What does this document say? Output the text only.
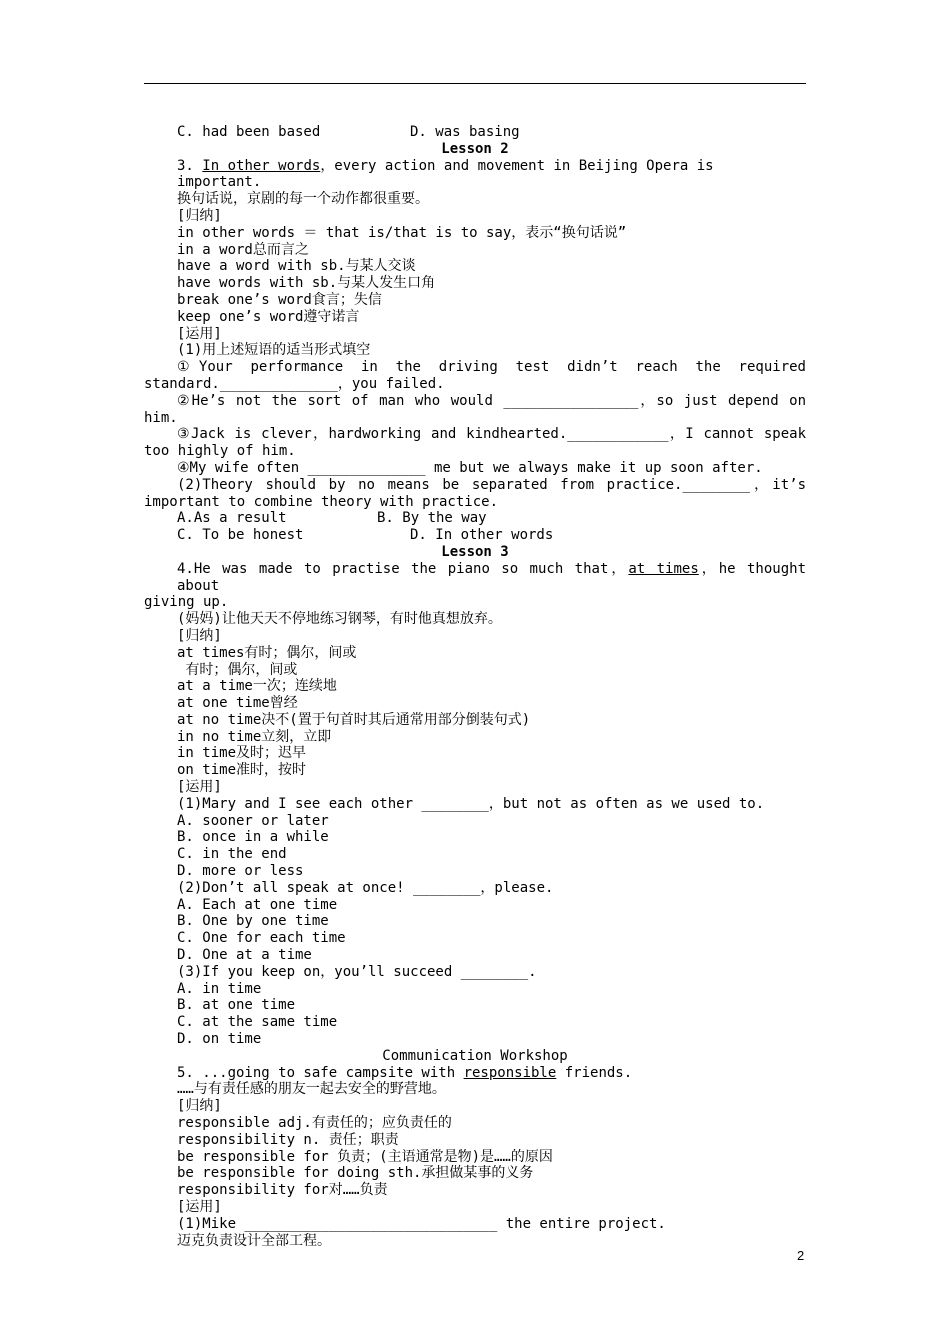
C. had been based	D. was basing
Lesson 2
3. In other words，every action and movement in Beijing Opera is important.
换句话说，京剧的每一个动作都很重要。
[归纳]
in other words ＝ that is/that is to say，表示“换句话说”
in a word总而言之
have a word with sb.与某人交谈
have words with sb.与某人发生口角
break one’s word食言；失信
keep one’s word遵守诺言
[运用]
(1)用上述短语的适当形式填空
①Your performance in the driving test didn’t reach the required
standard.______________，you failed.
②He’s not the sort of man who would ________________，so just depend on
him.
③Jack is clever，hardworking and kindhearted.____________，I cannot speak
too highly of him.
④My wife often ______________ me but we always make it up soon after.
(2)Theory should by no means be separated from practice.________，it’s
important to combine theory with practice.
A.As a result	B. By the way
C. To be honest	D. In other words
Lesson 3
4.He was made to practise the piano so much that，at times，he thought about
giving up.
(妈妈)让他天天不停地练习钢琴，有时他真想放弃。
[归纳]
at times有时；偶尔，间或
有时；偶尔，间或
at a time一次；连续地
at one time曾经
at no time决不(置于句首时其后通常用部分倒装句式)
in no time立刻，立即
in time及时；迟早
on time准时，按时
[运用]
(1)Mary and I see each other ________，but not as often as we used to.
A. sooner or later
B. once in a while
C. in the end
D. more or less
(2)Don’t all speak at once! ________，please.
A. Each at one time
B. One by one time
C. One for each time
D. One at a time
(3)If you keep on，you’ll succeed ________.
A. in time
B. at one time
C. at the same time
D. on time
Communication Workshop
5. ...going to safe campsite with responsible friends.
……与有责任感的朋友一起去安全的野营地。
[归纳]
responsible adj.有责任的；应负责任的
responsibility n. 责任；职责
be responsible for 负责；(主语通常是物)是……的原因
be responsible for doing sth.承担做某事的义务
responsibility for对……负责
[运用]
(1)Mike ______________________________ the entire project.
迈克负责设计全部工程。
2
